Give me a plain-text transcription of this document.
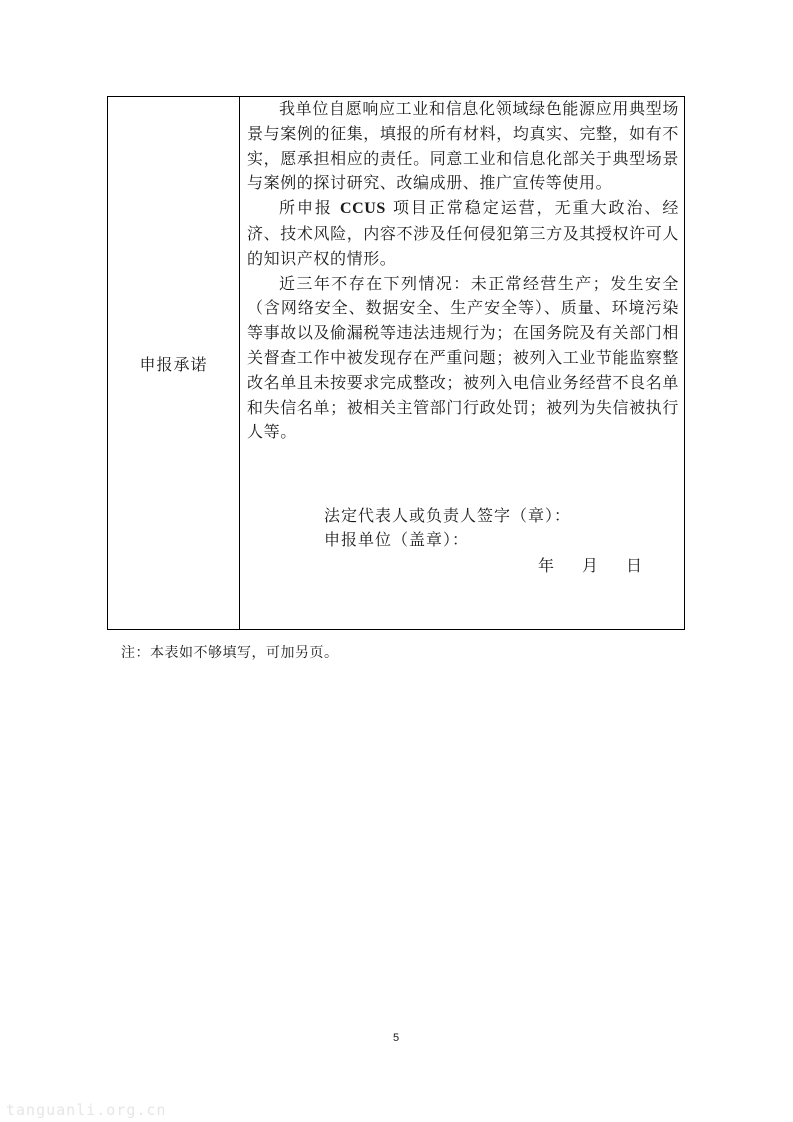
申报承诺

我单位自愿响应工业和信息化领域绿色能源应用典型场景与案例的征集，填报的所有材料，均真实、完整，如有不实，愿承担相应的责任。同意工业和信息化部关于典型场景与案例的探讨研究、改编成册、推广宣传等使用。

所申报 CCUS 项目正常稳定运营，无重大政治、经济、技术风险，内容不涉及任何侵犯第三方及其授权许可人的知识产权的情形。

近三年不存在下列情况：未正常经营生产；发生安全（含网络安全、数据安全、生产安全等）、质量、环境污染等事故以及偷漏税等违法违规行为；在国务院及有关部门相关督查工作中被发现存在严重问题；被列入工业节能监察整改名单且未按要求完成整改；被列入电信业务经营不良名单和失信名单；被相关主管部门行政处罚；被列为失信被执行人等。

法定代表人或负责人签字（章）：
申报单位（盖章）：
年 月 日
注：本表如不够填写，可加另页。
5
tanguanli.org.cn
